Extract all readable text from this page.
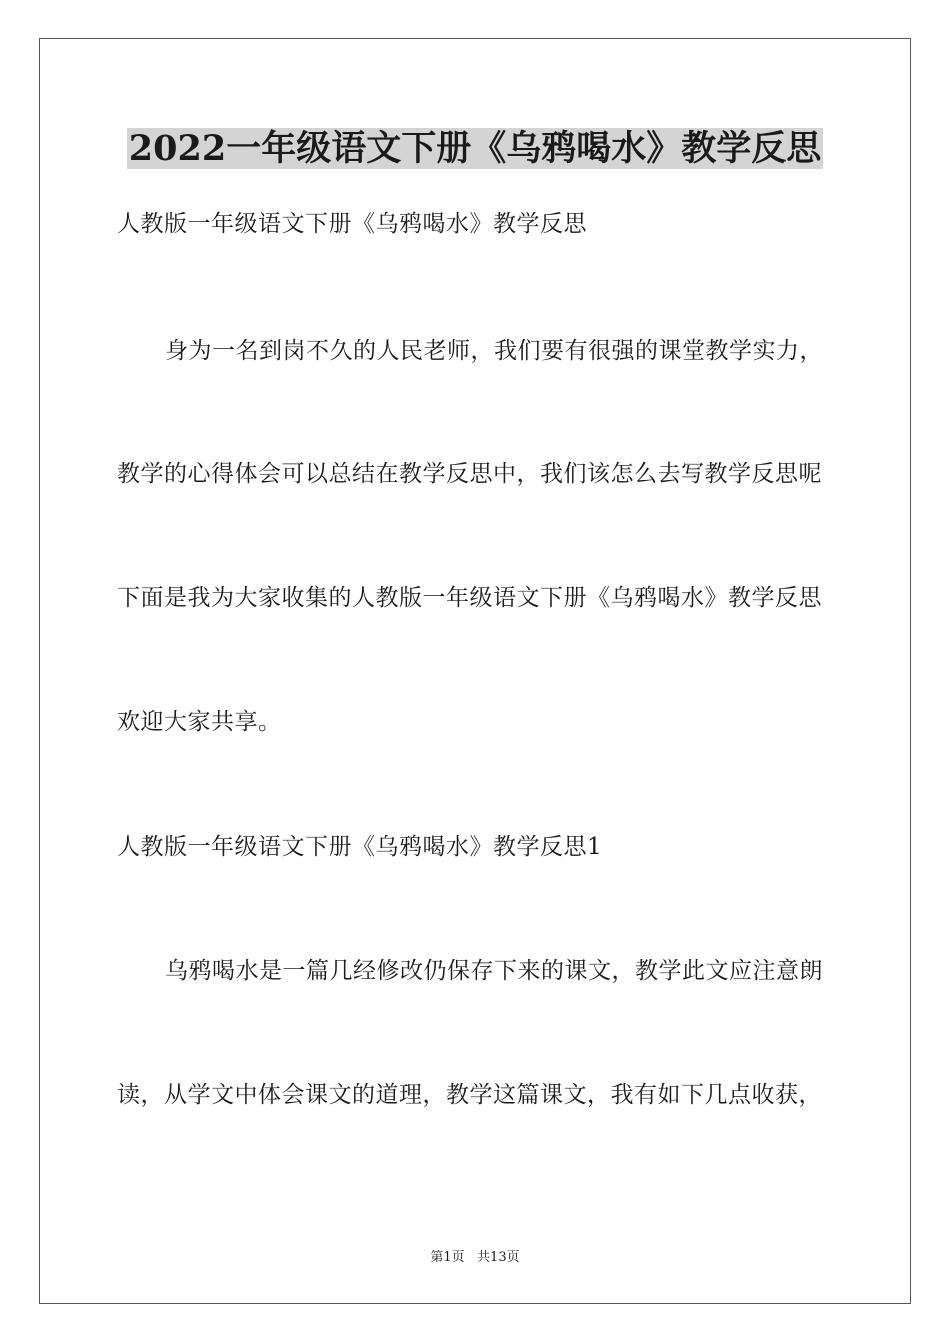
2022一年级语文下册《乌鸦喝水》教学反思
人教版一年级语文下册《乌鸦喝水》教学反思
身为一名到岗不久的人民老师，我们要有很强的课堂教学实力，
教学的心得体会可以总结在教学反思中，我们该怎么去写教学反思呢
下面是我为大家收集的人教版一年级语文下册《乌鸦喝水》教学反思
欢迎大家共享。
人教版一年级语文下册《乌鸦喝水》教学反思1
乌鸦喝水是一篇几经修改仍保存下来的课文，教学此文应注意朗
读，从学文中体会课文的道理，教学这篇课文，我有如下几点收获，
第1页   共13页
